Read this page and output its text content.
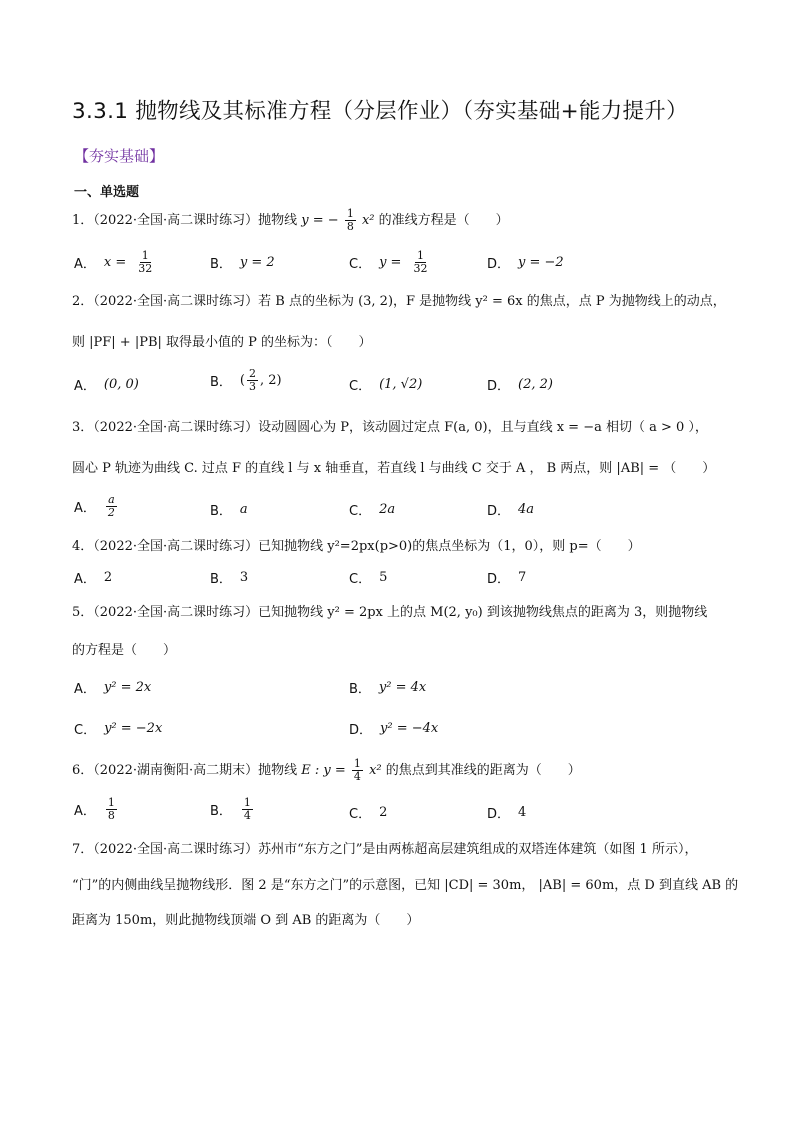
3.3.1 抛物线及其标准方程（分层作业）（夯实基础+能力提升）
【夯实基础】
一、单选题
1．（2022·全国·高二课时练习）抛物线 y = − $\frac{1}{8} x^2$ 的准线方程是（　　）
A． $x = \frac{1}{32}$	B． y = 2	C． $y = \frac{1}{32}$	D． y = −2
2．（2022·全国·高二课时练习）若 B 点的坐标为 (3, 2)，F 是抛物线 y² = 6x 的焦点，点 P 为抛物线上的动点，
则 |PF| + |PB| 取得最小值的 P 的坐标为：（　　）
A． (0, 0)	B． ( $\frac{2}{3}$ , 2)	C． (1, √2)	D． (2, 2)
3．（2022·全国·高二课时练习）设动圆圆心为 P，该动圆过定点 F(a, 0)，且与直线 x = −a 相切（ a > 0 ），
圆心 P 轨迹为曲线 C. 过点 F 的直线 l 与 x 轴垂直，若直线 l 与曲线 C 交于 A ， B 两点，则 |AB| = （　　）
A． $\frac{a}{2}$	B． a	C． 2a	D． 4a
4．（2022·全国·高二课时练习）已知抛物线 y²=2px(p>0)的焦点坐标为（1，0），则 p=（　　）
A． 2	B． 3	C． 5	D． 7
5．（2022·全国·高二课时练习）已知抛物线 y² = 2px 上的点 M(2, y₀) 到该抛物线焦点的距离为 3，则抛物线
的方程是（　　）
A． y² = 2x	B． y² = 4x
C． y² = −2x	D． y² = −4x
6．（2022·湖南衡阳·高二期末）抛物线 E : $y = \frac{1}{4} x^2$ 的焦点到其准线的距离为（　　）
A． $\frac{1}{8}$	B． $\frac{1}{4}$	C． 2	D． 4
7．（2022·全国·高二课时练习）苏州市“东方之门”是由两栋超高层建筑组成的双塔连体建筑（如图 1 所示），
“门”的内侧曲线呈抛物线形．图 2 是“东方之门”的示意图，已知 |CD| = 30m， |AB| = 60m，点 D 到直线 AB 的
距离为 150m，则此抛物线顶端 O 到 AB 的距离为（　　）
